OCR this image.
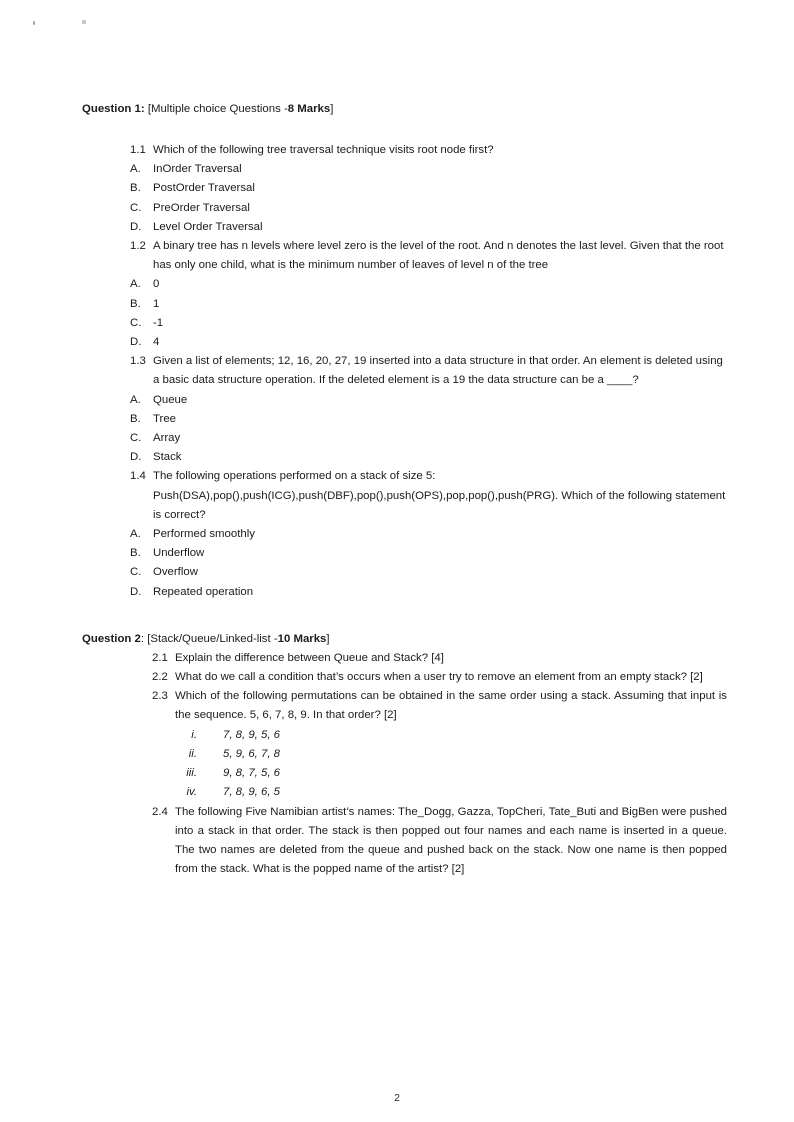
Question 1: [Multiple choice Questions -8 Marks]

1.1 Which of the following tree traversal technique visits root node first?
A.	InOrder Traversal
B.	PostOrder Traversal
C.	PreOrder Traversal
D.	Level Order Traversal
1.2 A binary tree has n levels where level zero is the level of the root. And n denotes the last level. Given that the root has only one child, what is the minimum number of leaves of level n of the tree
A.	0
B.	1
C.	-1
D.	4
1.3 Given a list of elements; 12, 16, 20, 27, 19 inserted into a data structure in that order. An element is deleted using a basic data structure operation. If the deleted element is a 19 the data structure can be a ____?
A.	Queue
B.	Tree
C.	Array
D.	Stack
1.4 The following operations performed on a stack of size 5: Push(DSA),pop(),push(ICG),push(DBF),pop(),push(OPS),pop,pop(),push(PRG). Which of the following statement is correct?
A.	Performed smoothly
B.	Underflow
C.	Overflow
D.	Repeated operation

Question 2: [Stack/Queue/Linked-list -10 Marks]

2.1 Explain the difference between Queue and Stack? [4]
2.2 What do we call a condition that’s occurs when a user try to remove an element from an empty stack? [2]
2.3 Which of the following permutations can be obtained in the same order using a stack. Assuming that input is the sequence. 5, 6, 7, 8, 9. In that order? [2]
i.	7, 8, 9, 5, 6
ii.	5, 9, 6, 7, 8
iii.	9, 8, 7, 5, 6
iv.	7, 8, 9, 6, 5
2.4 The following Five Namibian artist’s names: The_Dogg, Gazza, TopCheri, Tate_Buti and BigBen were pushed into a stack in that order. The stack is then popped out four names and each name is inserted in a queue. The two names are deleted from the queue and pushed back on the stack. Now one name is then popped from the stack. What is the popped name of the artist? [2]
2
